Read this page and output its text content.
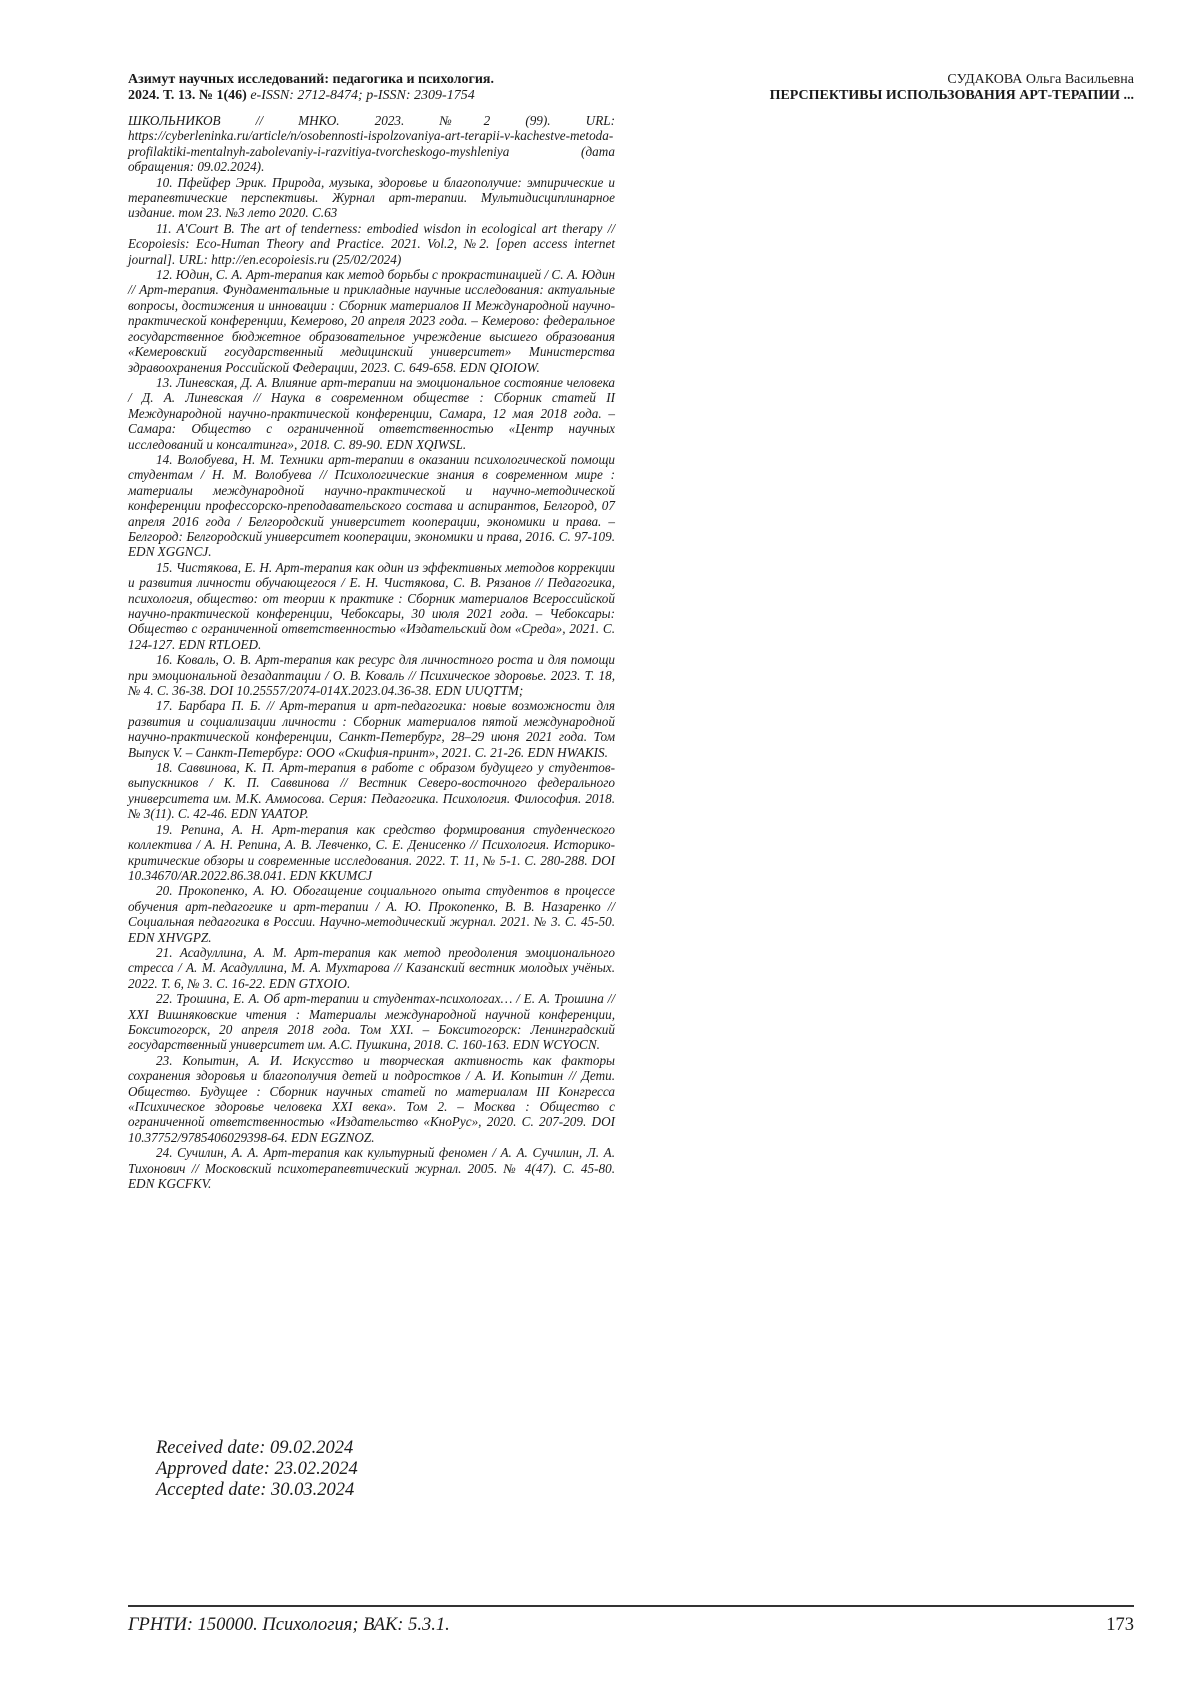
Азимут научных исследований: педагогика и психология.
2024. Т. 13. № 1(46) e-ISSN: 2712-8474; p-ISSN: 2309-1754
СУДАКОВА Ольга Васильевна
ПЕРСПЕКТИВЫ ИСПОЛЬЗОВАНИЯ АРТ-ТЕРАПИИ ...

ШКОЛЬНИКОВ // МНКО. 2023. №2 (99). URL: https://cyberleninka.ru/article/n/osobennosti-ispolzovaniya-art-terapii-v-kachestve-metoda-profilaktiki-mentalnyh-zabolevaniy-i-razvitiya-tvorcheskogo-myshleniya (дата обращения: 09.02.2024).

10. Пфейфер Эрик. Природа, музыка, здоровье и благополучие: эмпирические и терапевтические перспективы. Журнал арт-терапии. Мультидисциплинарное издание. том 23. №3 лето 2020. С.63

11. A'Court B. The art of tenderness: embodied wisdon in ecological art therapy // Ecopoiesis: Eco-Human Theory and Practice. 2021. Vol.2, №2. [open access internet journal]. URL: http://en.ecopoiesis.ru (25/02/2024)

12. Юдин, С. А. Арт-терапия как метод борьбы с прокрастинацией / С. А. Юдин // Арт-терапия. Фундаментальные и прикладные научные исследования: актуальные вопросы, достижения и инновации : Сборник материалов II Международной научно-практической конференции, Кемерово, 20 апреля 2023 года. – Кемерово: федеральное государственное бюджетное образовательное учреждение высшего образования «Кемеровский государственный медицинский университет» Министерства здравоохранения Российской Федерации, 2023. С. 649-658. EDN QIOIOW.

13. Линевская, Д. А. Влияние арт-терапии на эмоциональное состояние человека / Д. А. Линевская // Наука в современном обществе : Сборник статей II Международной научно-практической конференции, Самара, 12 мая 2018 года. – Самара: Общество с ограниченной ответственностью «Центр научных исследований и консалтинга», 2018. С. 89-90. EDN XQIWSL.

14. Волобуева, Н. М. Техники арт-терапии в оказании психологической помощи студентам / Н. М. Волобуева // Психологические знания в современном мире : материалы международной научно-практической и научно-методической конференции профессорско-преподавательского состава и аспирантов, Белгород, 07 апреля 2016 года / Белгородский университет кооперации, экономики и права. – Белгород: Белгородский университет кооперации, экономики и права, 2016. С. 97-109. EDN XGGNCJ.

15. Чистякова, Е. Н. Арт-терапия как один из эффективных методов коррекции и развития личности обучающегося / Е. Н. Чистякова, С. В. Рязанов // Педагогика, психология, общество: от теории к практике : Сборник материалов Всероссийской научно-практической конференции, Чебоксары, 30 июля 2021 года. – Чебоксары: Общество с ограниченной ответственностью «Издательский дом «Среда», 2021. С. 124-127. EDN RTLOED.

16. Коваль, О. В. Арт-терапия как ресурс для личностного роста и для помощи при эмоциональной дезадаптации / О. В. Коваль // Психическое здоровье. 2023. Т. 18, № 4. С. 36-38. DOI 10.25557/2074-014X.2023.04.36-38. EDN UUQTTM;

17. Барбара П. Б. // Арт-терапия и арт-педагогика: новые возможности для развития и социализации личности : Сборник материалов пятой международной научно-практической конференции, Санкт-Петербург, 28–29 июня 2021 года. Том Выпуск V. – Санкт-Петербург: ООО «Скифия-принт», 2021. С. 21-26. EDN HWAKIS.

18. Саввинова, К. П. Арт-терапия в работе с образом будущего у студентов-выпускников / К. П. Саввинова // Вестник Северо-восточного федерального университета им. М.К. Аммосова. Серия: Педагогика. Психология. Философия. 2018. № 3(11). С. 42-46. EDN YAATOP.

19. Репина, А. Н. Арт-терапия как средство формирования студенческого коллектива / А. Н. Репина, А. В. Левченко, С. Е. Денисенко // Психология. Историко-критические обзоры и современные исследования. 2022. Т. 11, № 5-1. С. 280-288. DOI 10.34670/AR.2022.86.38.041. EDN KKUMCJ

20. Прокопенко, А. Ю. Обогащение социального опыта студентов в процессе обучения арт-педагогике и арт-терапии / А. Ю. Прокопенко, В. В. Назаренко // Социальная педагогика в России. Научно-методический журнал. 2021. № 3. С. 45-50. EDN XHVGPZ.

21. Асадуллина, А. М. Арт-терапия как метод преодоления эмоционального стресса / А. М. Асадуллина, М. А. Мухтарова // Казанский вестник молодых учёных. 2022. Т. 6, № 3. С. 16-22. EDN GTXOIO.

22. Трошина, Е. А. Об арт-терапии и студентах-психологах… / Е. А. Трошина // XXI Вишняковские чтения : Материалы международной научной конференции, Бокситогорск, 20 апреля 2018 года. Том XXI. – Бокситогорск: Ленинградский государственный университет им. А.С. Пушкина, 2018. С. 160-163. EDN WCYOCN.

23. Копытин, А. И. Искусство и творческая активность как факторы сохранения здоровья и благополучия детей и подростков / А. И. Копытин // Дети. Общество. Будущее : Сборник научных статей по материалам III Конгресса «Психическое здоровье человека XXI века». Том 2. – Москва : Общество с ограниченной ответственностью «Издательство «КноРус», 2020. С. 207-209. DOI 10.37752/9785406029398-64. EDN EGZNOZ.

24. Сучилин, А. А. Арт-терапия как культурный феномен / А. А. Сучилин, Л. А. Тихонович // Московский психотерапевтический журнал. 2005. № 4(47). С. 45-80. EDN KGCFKV.

Received date: 09.02.2024
Approved date: 23.02.2024
Accepted date: 30.03.2024
ГРНТИ: 150000. Психология; ВАК: 5.3.1.	173
